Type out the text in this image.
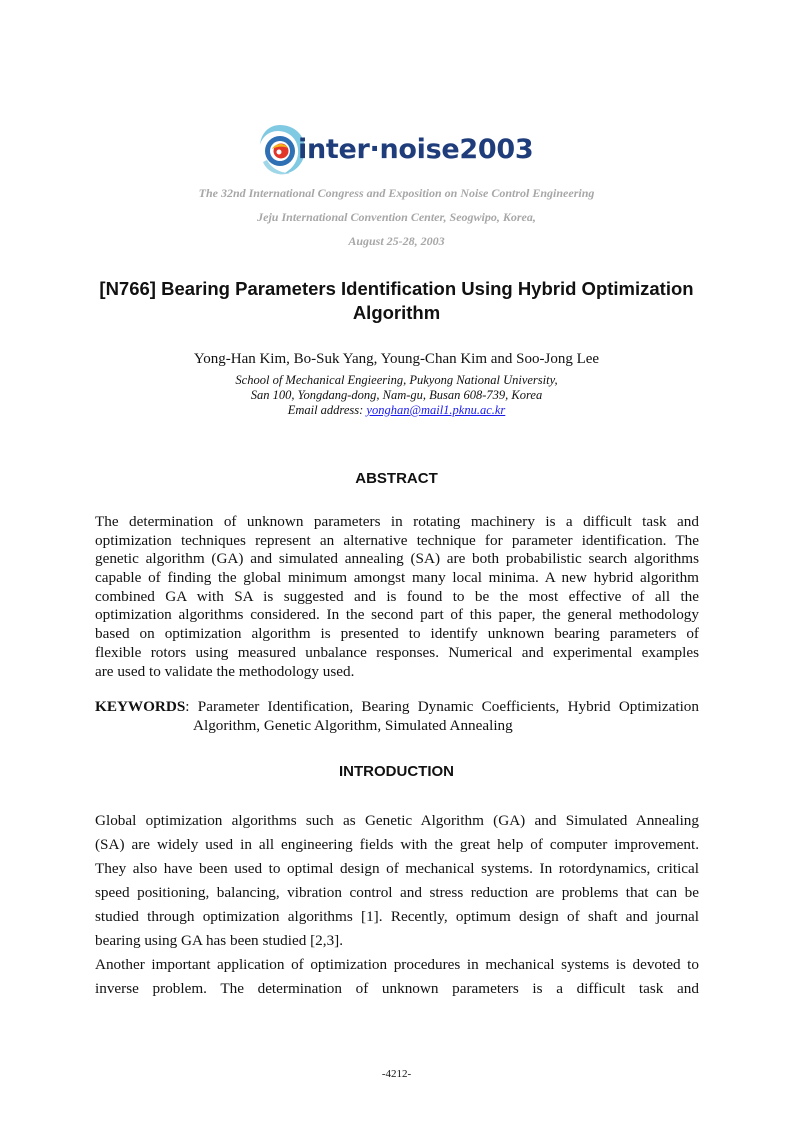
inter·noise2003
The 32nd International Congress and Exposition on Noise Control Engineering
Jeju International Convention Center, Seogwipo, Korea,
August 25-28, 2003
[N766] Bearing Parameters Identification Using Hybrid Optimization
Algorithm
Yong-Han Kim, Bo-Suk Yang, Young-Chan Kim and Soo-Jong Lee
School of Mechanical Engieering, Pukyong National University,
San 100, Yongdang-dong, Nam-gu, Busan 608-739, Korea
Email address: yonghan@mail1.pknu.ac.kr
ABSTRACT
The determination of unknown parameters in rotating machinery is a difficult task and
optimization techniques represent an alternative technique for parameter identification. The
genetic algorithm (GA) and simulated annealing (SA) are both probabilistic search algorithms
capable of finding the global minimum amongst many local minima. A new hybrid algorithm
combined GA with SA is suggested and is found to be the most effective of all the
optimization algorithms considered. In the second part of this paper, the general methodology
based on optimization algorithm is presented to identify unknown bearing parameters of
flexible rotors using measured unbalance responses. Numerical and experimental examples
are used to validate the methodology used.
KEYWORDS: Parameter Identification, Bearing Dynamic Coefficients, Hybrid Optimization
Algorithm, Genetic Algorithm, Simulated Annealing
INTRODUCTION
Global optimization algorithms such as Genetic Algorithm (GA) and Simulated Annealing
(SA) are widely used in all engineering fields with the great help of computer improvement.
They also have been used to optimal design of mechanical systems. In rotordynamics, critical
speed positioning, balancing, vibration control and stress reduction are problems that can be
studied through optimization algorithms [1]. Recently, optimum design of shaft and journal
bearing using GA has been studied [2,3].
Another important application of optimization procedures in mechanical systems is devoted to
inverse problem. The determination of unknown parameters is a difficult task and
-4212-
